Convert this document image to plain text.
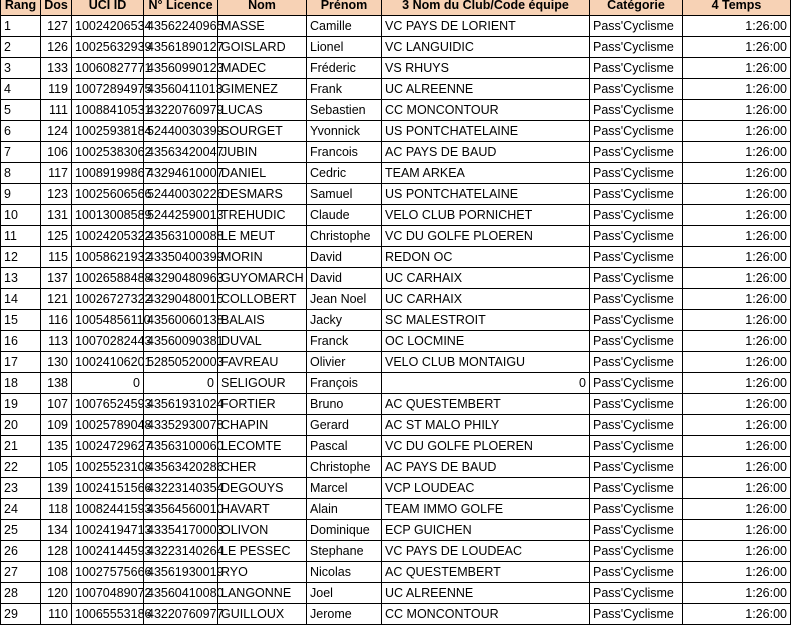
Rang	Dos	UCI ID	N° Licence	Nom	Prénom	3 Nom du Club/Code équipe	Catégorie	4 Temps
1	127	10024206534	43562240965	MASSE	Camille	VC PAYS DE LORIENT	Pass'Cyclisme	1:26:00
2	126	10025632939	43561890127	GOISLARD	Lionel	VC LANGUIDIC	Pass'Cyclisme	1:26:00
3	133	10060827771	43560990123	MADEC	Fréderic	VS RHUYS	Pass'Cyclisme	1:26:00
4	119	10072894975	43560411013	GIMENEZ	Frank	UC ALREENNE	Pass'Cyclisme	1:26:00
5	111	10088410531	43220760979	LUCAS	Sebastien	CC MONCONTOUR	Pass'Cyclisme	1:26:00
6	124	10025938184	52440030399	SOURGET	Yvonnick	US PONTCHATELAINE	Pass'Cyclisme	1:26:00
7	106	10025383062	43563420047	JUBIN	Francois	AC PAYS DE BAUD	Pass'Cyclisme	1:26:00
8	117	10089199867	43294610007	DANIEL	Cedric	TEAM ARKEA	Pass'Cyclisme	1:26:00
9	123	10025606566	52440030226	DESMARS	Samuel	US PONTCHATELAINE	Pass'Cyclisme	1:26:00
10	131	10013008589	52442590013	TREHUDIC	Claude	VELO CLUB PORNICHET	Pass'Cyclisme	1:26:00
11	125	10024205322	43563100088	LE MEUT	Christophe	VC DU GOLFE PLOEREN	Pass'Cyclisme	1:26:00
12	115	10058621932	43350400399	MORIN	David	REDON OC	Pass'Cyclisme	1:26:00
13	137	10026588488	43290480963	GUYOMARCH	David	UC CARHAIX	Pass'Cyclisme	1:26:00
14	121	10026727322	43290480015	COLLOBERT	Jean Noel	UC CARHAIX	Pass'Cyclisme	1:26:00
15	116	10054856110	43560060138	BALAIS	Jacky	SC MALESTROIT	Pass'Cyclisme	1:26:00
16	113	10070282443	43560090381	DUVAL	Franck	OC LOCMINE	Pass'Cyclisme	1:26:00
17	130	10024106201	52850520003	FAVREAU	Olivier	VELO CLUB MONTAIGU	Pass'Cyclisme	1:26:00
18	138	0	0	SELIGOUR	François	0	Pass'Cyclisme	1:26:00
19	107	10076524593	43561931024	FORTIER	Bruno	AC QUESTEMBERT	Pass'Cyclisme	1:26:00
20	109	10025789048	43352930078	CHAPIN	Gerard	AC ST MALO PHILY	Pass'Cyclisme	1:26:00
21	135	10024729627	43563100060	LECOMTE	Pascal	VC DU GOLFE PLOEREN	Pass'Cyclisme	1:26:00
22	105	10025523108	43563420286	CHER	Christophe	AC PAYS DE BAUD	Pass'Cyclisme	1:26:00
23	139	10024151566	43223140354	DEGOUYS	Marcel	VCP LOUDEAC	Pass'Cyclisme	1:26:00
24	118	10082441593	43564560010	HAVART	Alain	TEAM IMMO GOLFE	Pass'Cyclisme	1:26:00
25	134	10024194713	43354170003	OLIVON	Dominique	ECP GUICHEN	Pass'Cyclisme	1:26:00
26	128	10024144593	43223140264	LE PESSEC	Stephane	VC PAYS DE LOUDEAC	Pass'Cyclisme	1:26:00
27	108	10027575666	43561930019	RYO	Nicolas	AC QUESTEMBERT	Pass'Cyclisme	1:26:00
28	120	10070489072	43560410080	LANGONNE	Joel	UC ALREENNE	Pass'Cyclisme	1:26:00
29	110	10065553186	43220760977	GUILLOUX	Jerome	CC MONCONTOUR	Pass'Cyclisme	1:26:00
